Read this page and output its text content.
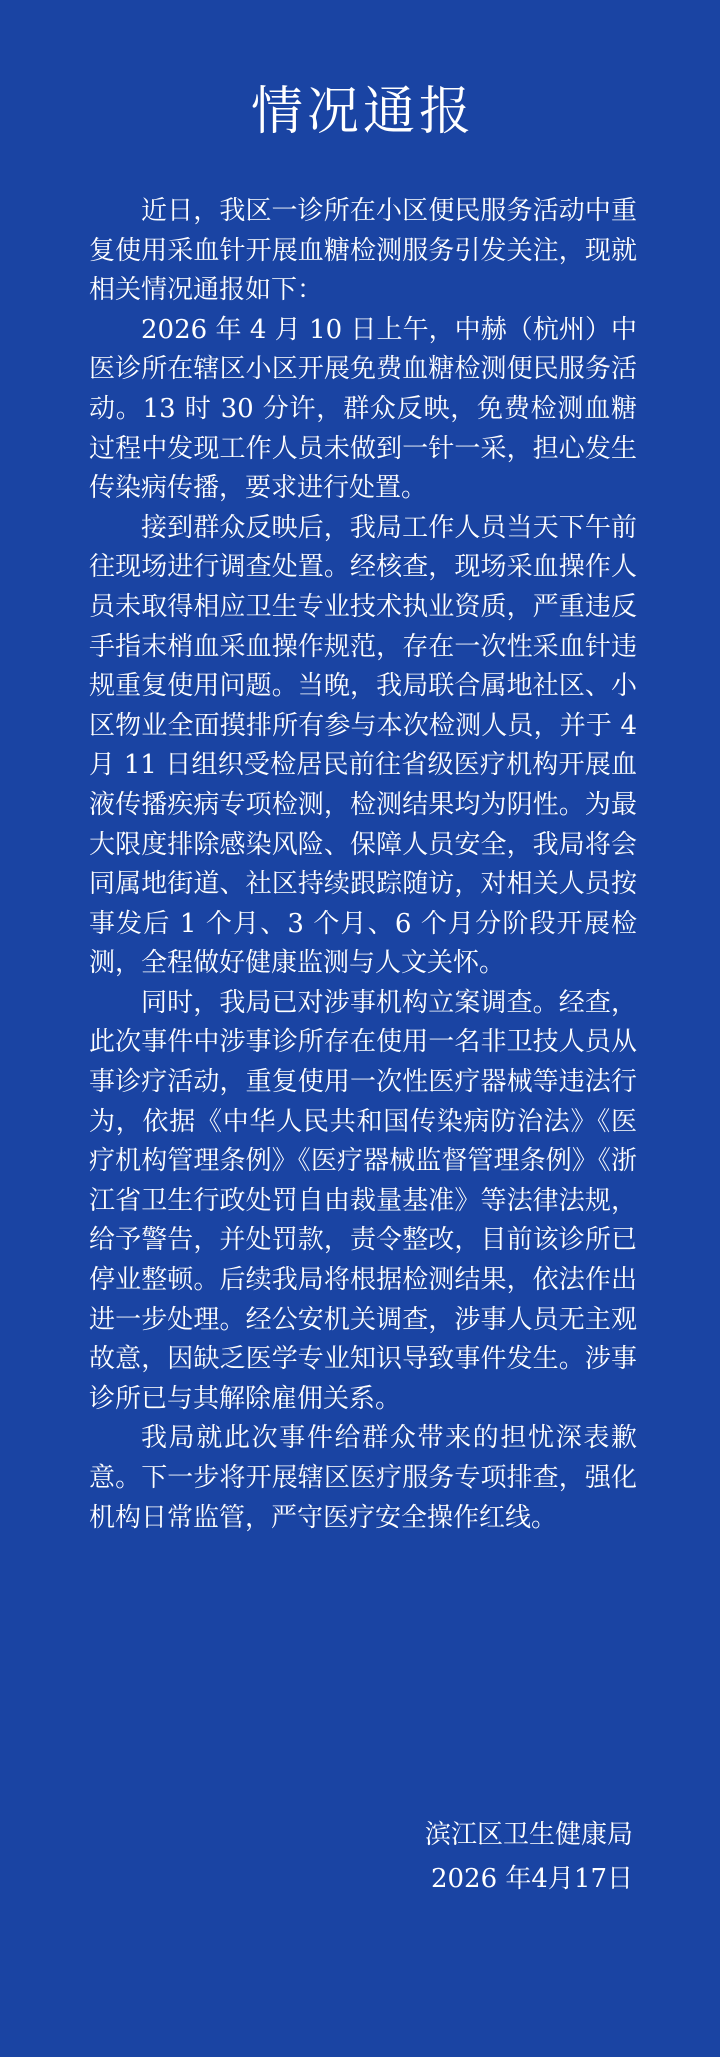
情况通报

近日，我区一诊所在小区便民服务活动中重复使用采血针开展血糖检测服务引发关注，现就相关情况通报如下：

2026 年 4 月 10 日上午，中赫（杭州）中医诊所在辖区小区开展免费血糖检测便民服务活动。13 时 30 分许，群众反映，免费检测血糖过程中发现工作人员未做到一针一采，担心发生传染病传播，要求进行处置。

接到群众反映后，我局工作人员当天下午前往现场进行调查处置。经核查，现场采血操作人员未取得相应卫生专业技术执业资质，严重违反手指末梢血采血操作规范，存在一次性采血针违规重复使用问题。当晚，我局联合属地社区、小区物业全面摸排所有参与本次检测人员，并于 4 月 11 日组织受检居民前往省级医疗机构开展血液传播疾病专项检测，检测结果均为阴性。为最大限度排除感染风险、保障人员安全，我局将会同属地街道、社区持续跟踪随访，对相关人员按事发后 1 个月、3 个月、6 个月分阶段开展检测，全程做好健康监测与人文关怀。

同时，我局已对涉事机构立案调查。经查，此次事件中涉事诊所存在使用一名非卫技人员从事诊疗活动，重复使用一次性医疗器械等违法行为，依据《中华人民共和国传染病防治法》《医疗机构管理条例》《医疗器械监督管理条例》《浙江省卫生行政处罚自由裁量基准》等法律法规，给予警告，并处罚款，责令整改，目前该诊所已停业整顿。后续我局将根据检测结果，依法作出进一步处理。经公安机关调查，涉事人员无主观故意，因缺乏医学专业知识导致事件发生。涉事诊所已与其解除雇佣关系。

我局就此次事件给群众带来的担忧深表歉意。下一步将开展辖区医疗服务专项排查，强化机构日常监管，严守医疗安全操作红线。

滨江区卫生健康局
2026 年4月17日
